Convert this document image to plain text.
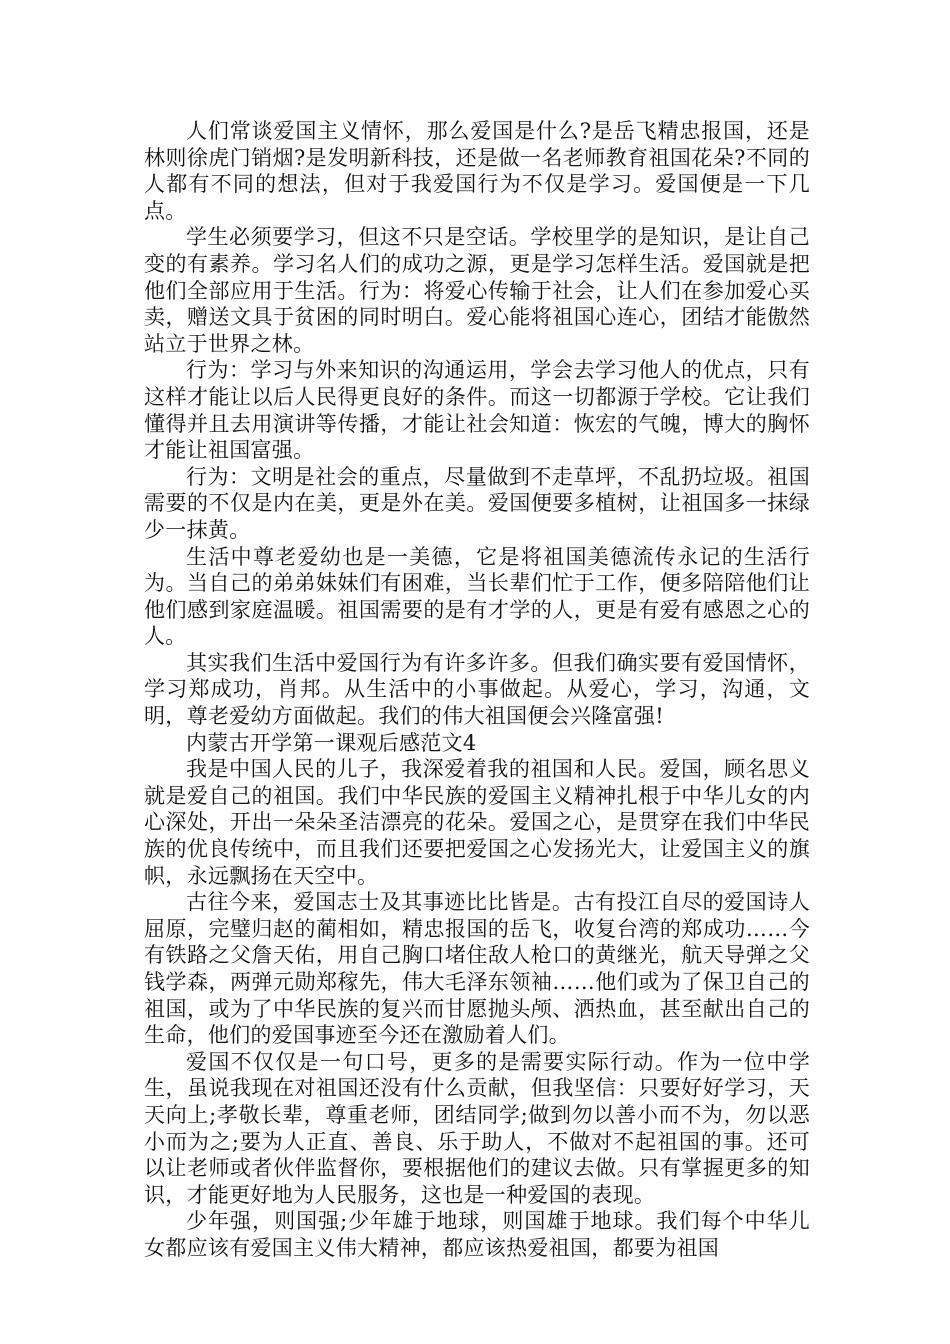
人们常谈爱国主义情怀，那么爱国是什么?是岳飞精忠报国，还是林则徐虎门销烟?是发明新科技，还是做一名老师教育祖国花朵?不同的人都有不同的想法，但对于我爱国行为不仅是学习。爱国便是一下几点。

学生必须要学习，但这不只是空话。学校里学的是知识，是让自己变的有素养。学习名人们的成功之源，更是学习怎样生活。爱国就是把他们全部应用于生活。行为：将爱心传输于社会，让人们在参加爱心买卖，赠送文具于贫困的同时明白。爱心能将祖国心连心，团结才能傲然站立于世界之林。

行为：学习与外来知识的沟通运用，学会去学习他人的优点，只有这样才能让以后人民得更良好的条件。而这一切都源于学校。它让我们懂得并且去用演讲等传播，才能让社会知道：恢宏的气魄，博大的胸怀才能让祖国富强。

行为：文明是社会的重点，尽量做到不走草坪，不乱扔垃圾。祖国需要的不仅是内在美，更是外在美。爱国便要多植树，让祖国多一抹绿少一抹黄。

生活中尊老爱幼也是一美德，它是将祖国美德流传永记的生活行为。当自己的弟弟妹妹们有困难，当长辈们忙于工作，便多陪陪他们让他们感到家庭温暖。祖国需要的是有才学的人，更是有爱有感恩之心的人。

其实我们生活中爱国行为有许多许多。但我们确实要有爱国情怀，学习郑成功，肖邦。从生活中的小事做起。从爱心，学习，沟通，文明，尊老爱幼方面做起。我们的伟大祖国便会兴隆富强!

内蒙古开学第一课观后感范文4

我是中国人民的儿子，我深爱着我的祖国和人民。爱国，顾名思义就是爱自己的祖国。我们中华民族的爱国主义精神扎根于中华儿女的内心深处，开出一朵朵圣洁漂亮的花朵。爱国之心，是贯穿在我们中华民族的优良传统中，而且我们还要把爱国之心发扬光大，让爱国主义的旗帜，永远飘扬在天空中。

古往今来，爱国志士及其事迹比比皆是。古有投江自尽的爱国诗人屈原，完璧归赵的蔺相如，精忠报国的岳飞，收复台湾的郑成功……今有铁路之父詹天佑，用自己胸口堵住敌人枪口的黄继光，航天导弹之父钱学森，两弹元勋郑稼先，伟大毛泽东领袖……他们或为了保卫自己的祖国，或为了中华民族的复兴而甘愿抛头颅、洒热血，甚至献出自己的生命，他们的爱国事迹至今还在激励着人们。

爱国不仅仅是一句口号，更多的是需要实际行动。作为一位中学生，虽说我现在对祖国还没有什么贡献，但我坚信：只要好好学习，天天向上;孝敬长辈，尊重老师，团结同学;做到勿以善小而不为，勿以恶小而为之;要为人正直、善良、乐于助人，不做对不起祖国的事。还可以让老师或者伙伴监督你，要根据他们的建议去做。只有掌握更多的知识，才能更好地为人民服务，这也是一种爱国的表现。

少年强，则国强;少年雄于地球，则国雄于地球。我们每个中华儿女都应该有爱国主义伟大精神，都应该热爱祖国，都要为祖国
